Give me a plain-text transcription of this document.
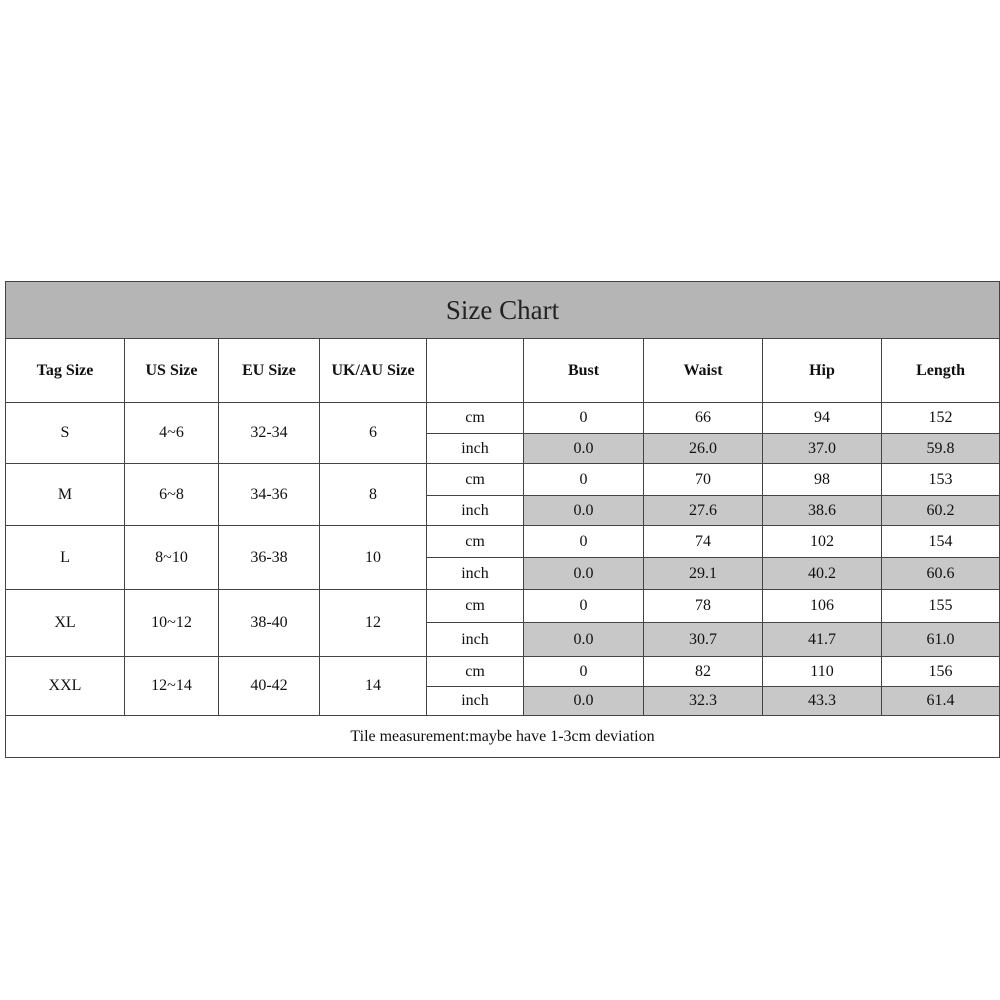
Size Chart								
Tag Size	US Size	EU Size	UK/AU Size		Bust	Waist	Hip	Length
S	4~6	32-34	6	cm	0	66	94	152
				inch	0.0	26.0	37.0	59.8
M	6~8	34-36	8	cm	0	70	98	153
				inch	0.0	27.6	38.6	60.2
L	8~10	36-38	10	cm	0	74	102	154
				inch	0.0	29.1	40.2	60.6
XL	10~12	38-40	12	cm	0	78	106	155
				inch	0.0	30.7	41.7	61.0
XXL	12~14	40-42	14	cm	0	82	110	156
				inch	0.0	32.3	43.3	61.4
Tile measurement:maybe have 1-3cm deviation								
